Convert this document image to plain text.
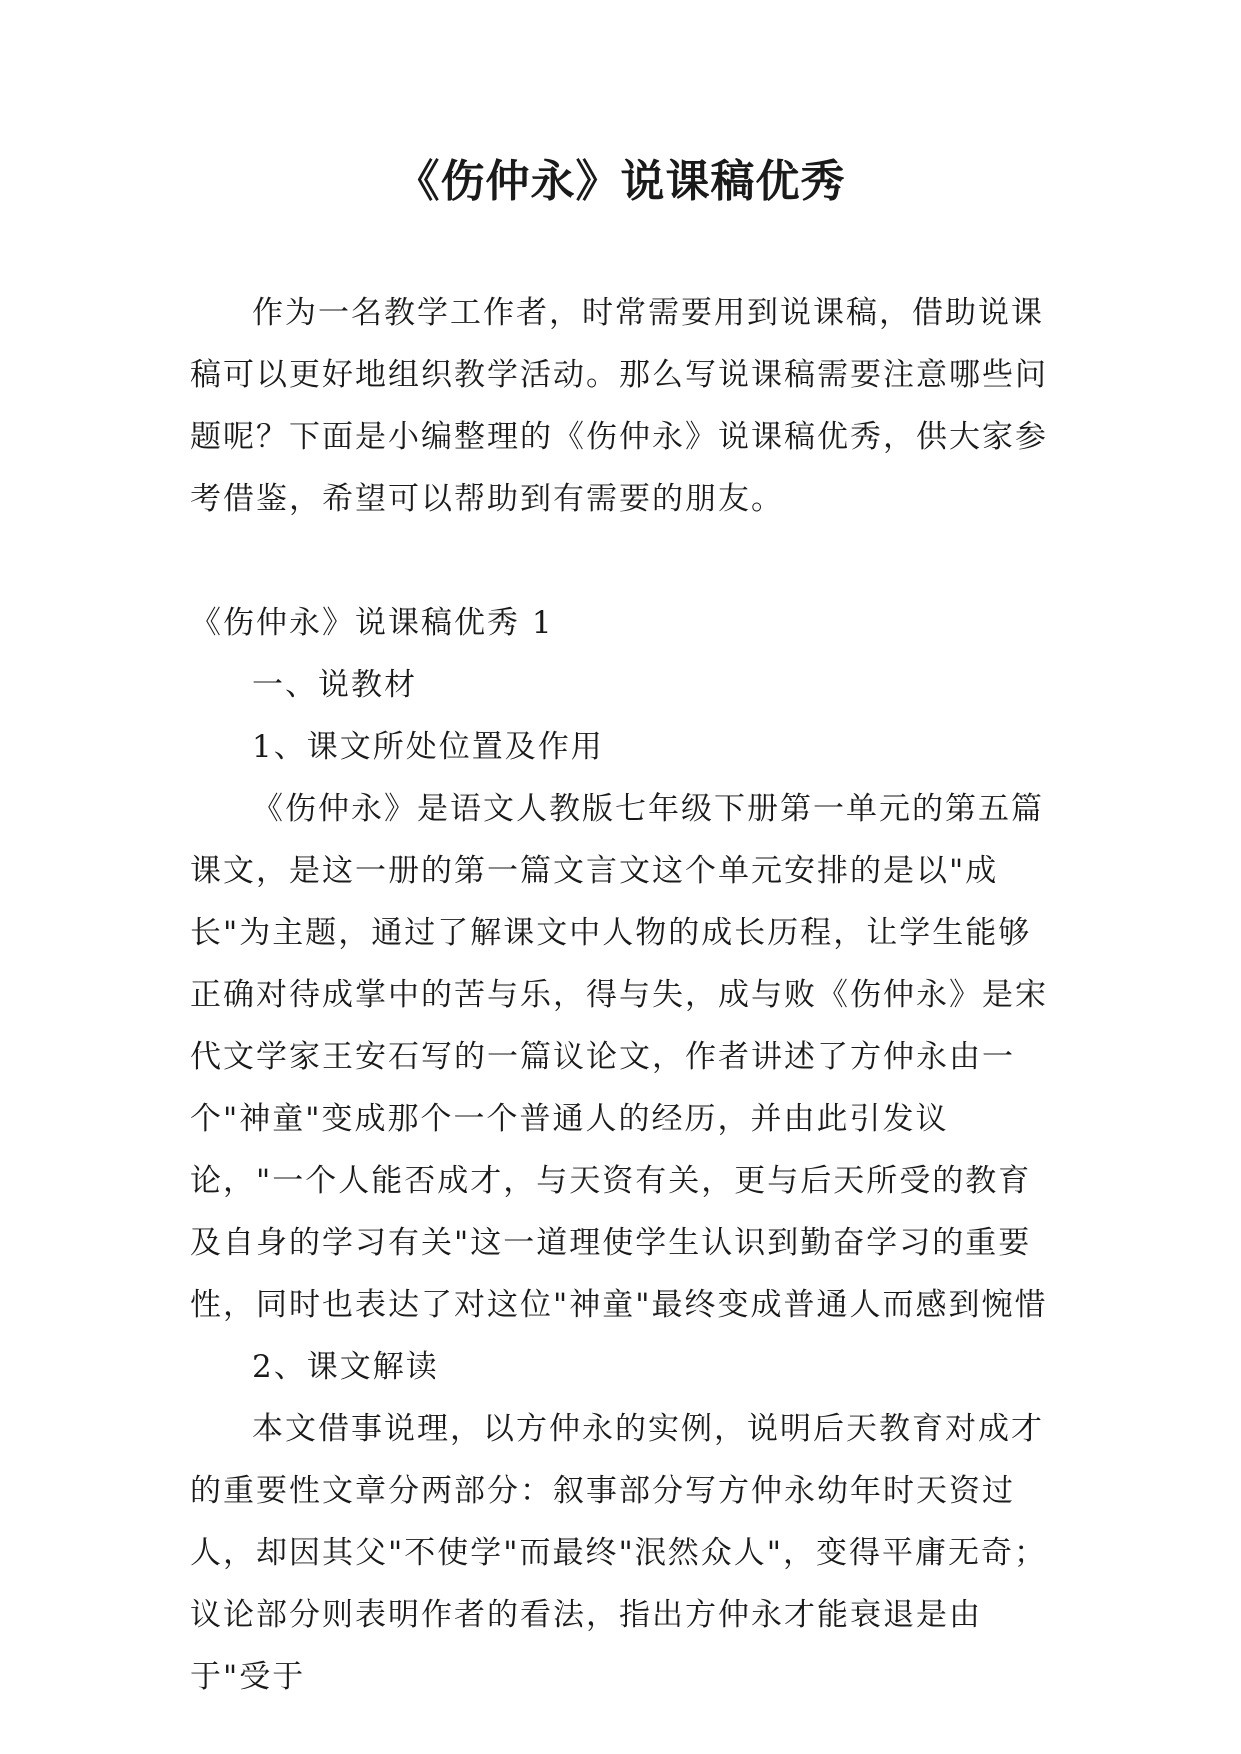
《伤仲永》说课稿优秀

作为一名教学工作者，时常需要用到说课稿，借助说课稿可以更好地组织教学活动。那么写说课稿需要注意哪些问题呢？下面是小编整理的《伤仲永》说课稿优秀，供大家参考借鉴，希望可以帮助到有需要的朋友。

《伤仲永》说课稿优秀 1

一、说教材

1、课文所处位置及作用

《伤仲永》是语文人教版七年级下册第一单元的第五篇课文，是这一册的第一篇文言文这个单元安排的是以"成长"为主题，通过了解课文中人物的成长历程，让学生能够正确对待成掌中的苦与乐，得与失，成与败《伤仲永》是宋代文学家王安石写的一篇议论文，作者讲述了方仲永由一个"神童"变成那个一个普通人的经历，并由此引发议论，"一个人能否成才，与天资有关，更与后天所受的教育及自身的学习有关"这一道理使学生认识到勤奋学习的重要性，同时也表达了对这位"神童"最终变成普通人而感到惋惜

2、课文解读

本文借事说理，以方仲永的实例，说明后天教育对成才的重要性文章分两部分：叙事部分写方仲永幼年时天资过人，却因其父"不使学"而最终"泯然众人"，变得平庸无奇；议论部分则表明作者的看法，指出方仲永才能衰退是由于"受于
